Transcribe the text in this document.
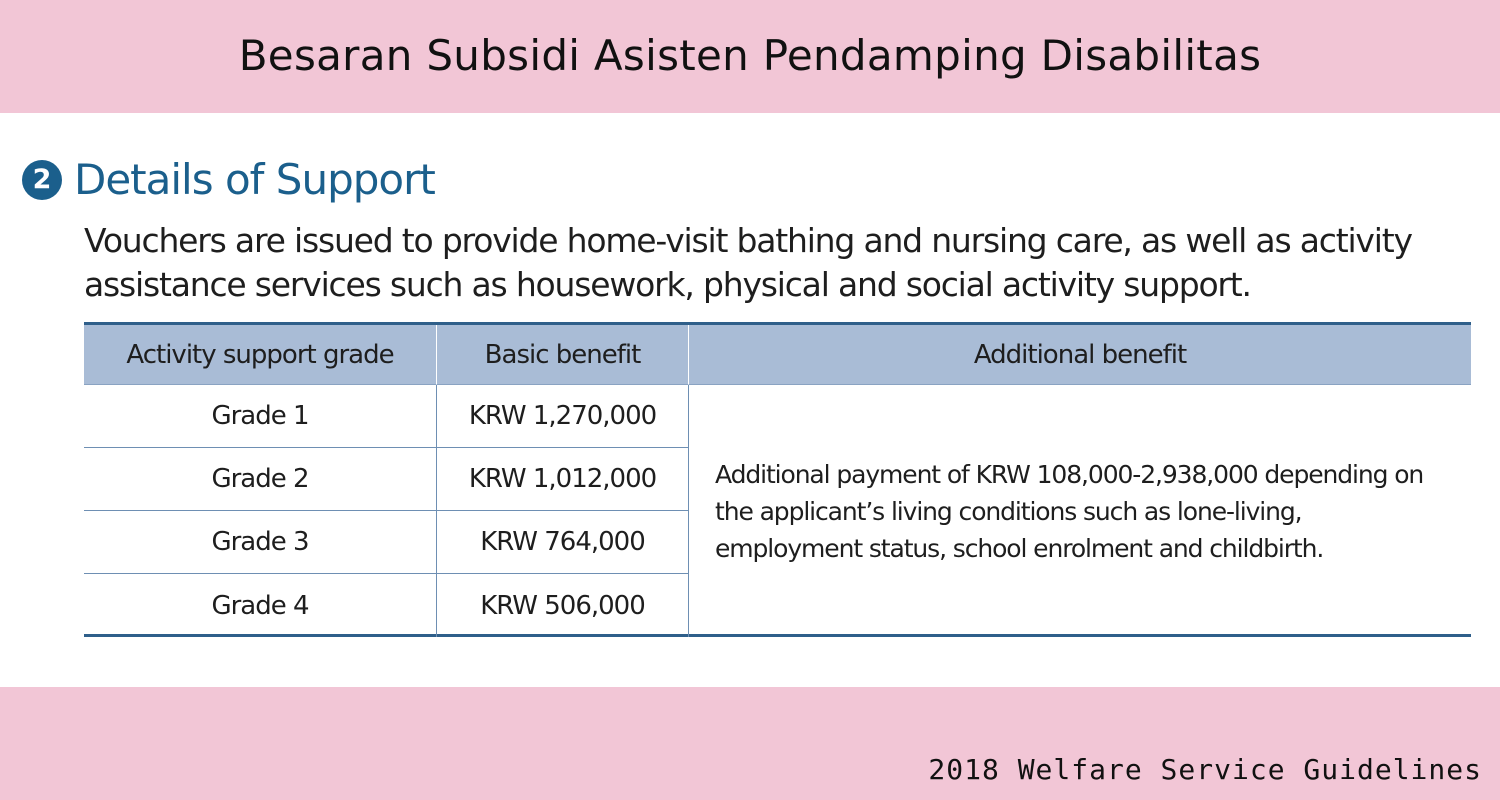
Besaran Subsidi Asisten Pendamping Disabilitas
2 Details of Support
Vouchers are issued to provide home-visit bathing and nursing care, as well as activity assistance services such as housework, physical and social activity support.
Activity support grade	Basic benefit	Additional benefit
Grade 1	KRW 1,270,000
Grade 2	KRW 1,012,000
Grade 3	KRW 764,000
Grade 4	KRW 506,000
Additional payment of KRW 108,000-2,938,000 depending on the applicant’s living conditions such as lone-living, employment status, school enrolment and childbirth.
2018 Welfare Service Guidelines
